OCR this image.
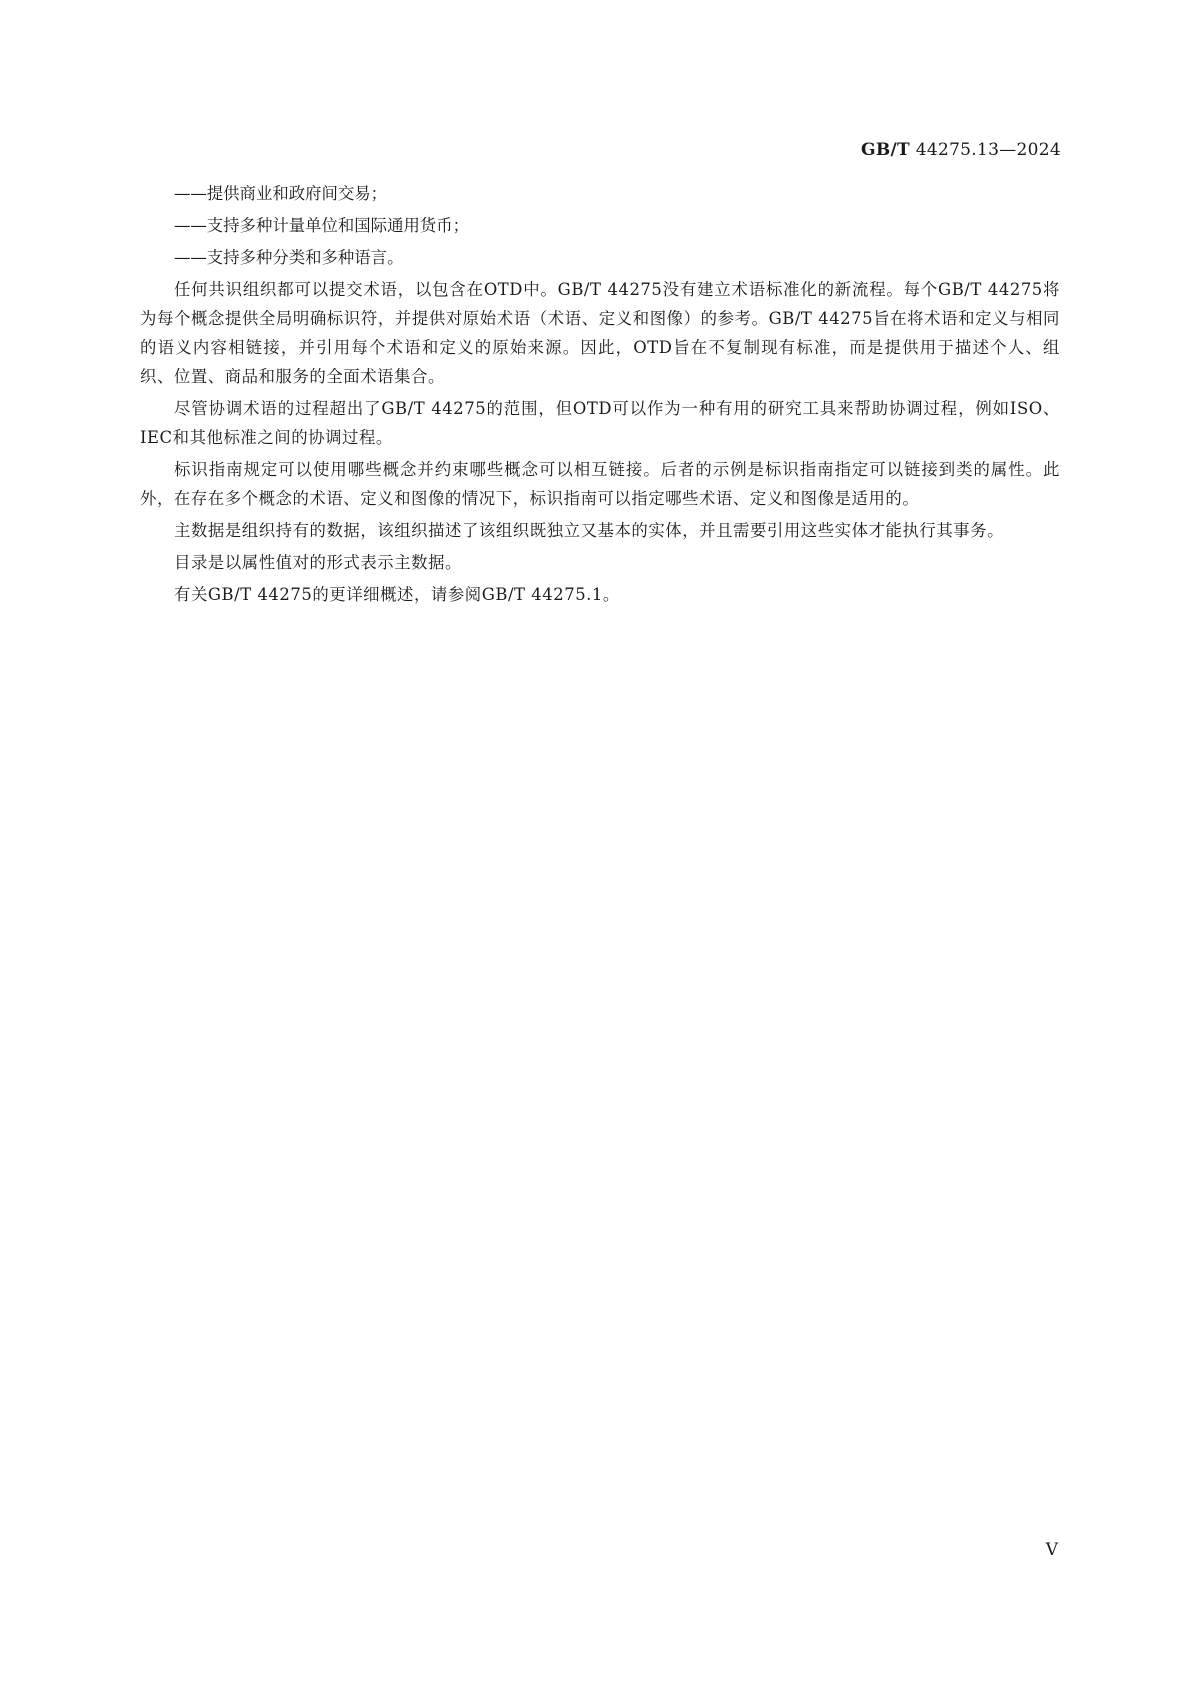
GB/T 44275.13—2024
——提供商业和政府间交易；
——支持多种计量单位和国际通用货币；
——支持多种分类和多种语言。

任何共识组织都可以提交术语，以包含在OTD中。GB/T 44275没有建立术语标准化的新流程。每个GB/T 44275将为每个概念提供全局明确标识符，并提供对原始术语（术语、定义和图像）的参考。GB/T 44275旨在将术语和定义与相同的语义内容相链接，并引用每个术语和定义的原始来源。因此，OTD旨在不复制现有标准，而是提供用于描述个人、组织、位置、商品和服务的全面术语集合。

尽管协调术语的过程超出了GB/T 44275的范围，但OTD可以作为一种有用的研究工具来帮助协调过程，例如ISO、IEC和其他标准之间的协调过程。

标识指南规定可以使用哪些概念并约束哪些概念可以相互链接。后者的示例是标识指南指定可以链接到类的属性。此外，在存在多个概念的术语、定义和图像的情况下，标识指南可以指定哪些术语、定义和图像是适用的。

主数据是组织持有的数据，该组织描述了该组织既独立又基本的实体，并且需要引用这些实体才能执行其事务。

目录是以属性值对的形式表示主数据。

有关GB/T 44275的更详细概述，请参阅GB/T 44275.1。

V
